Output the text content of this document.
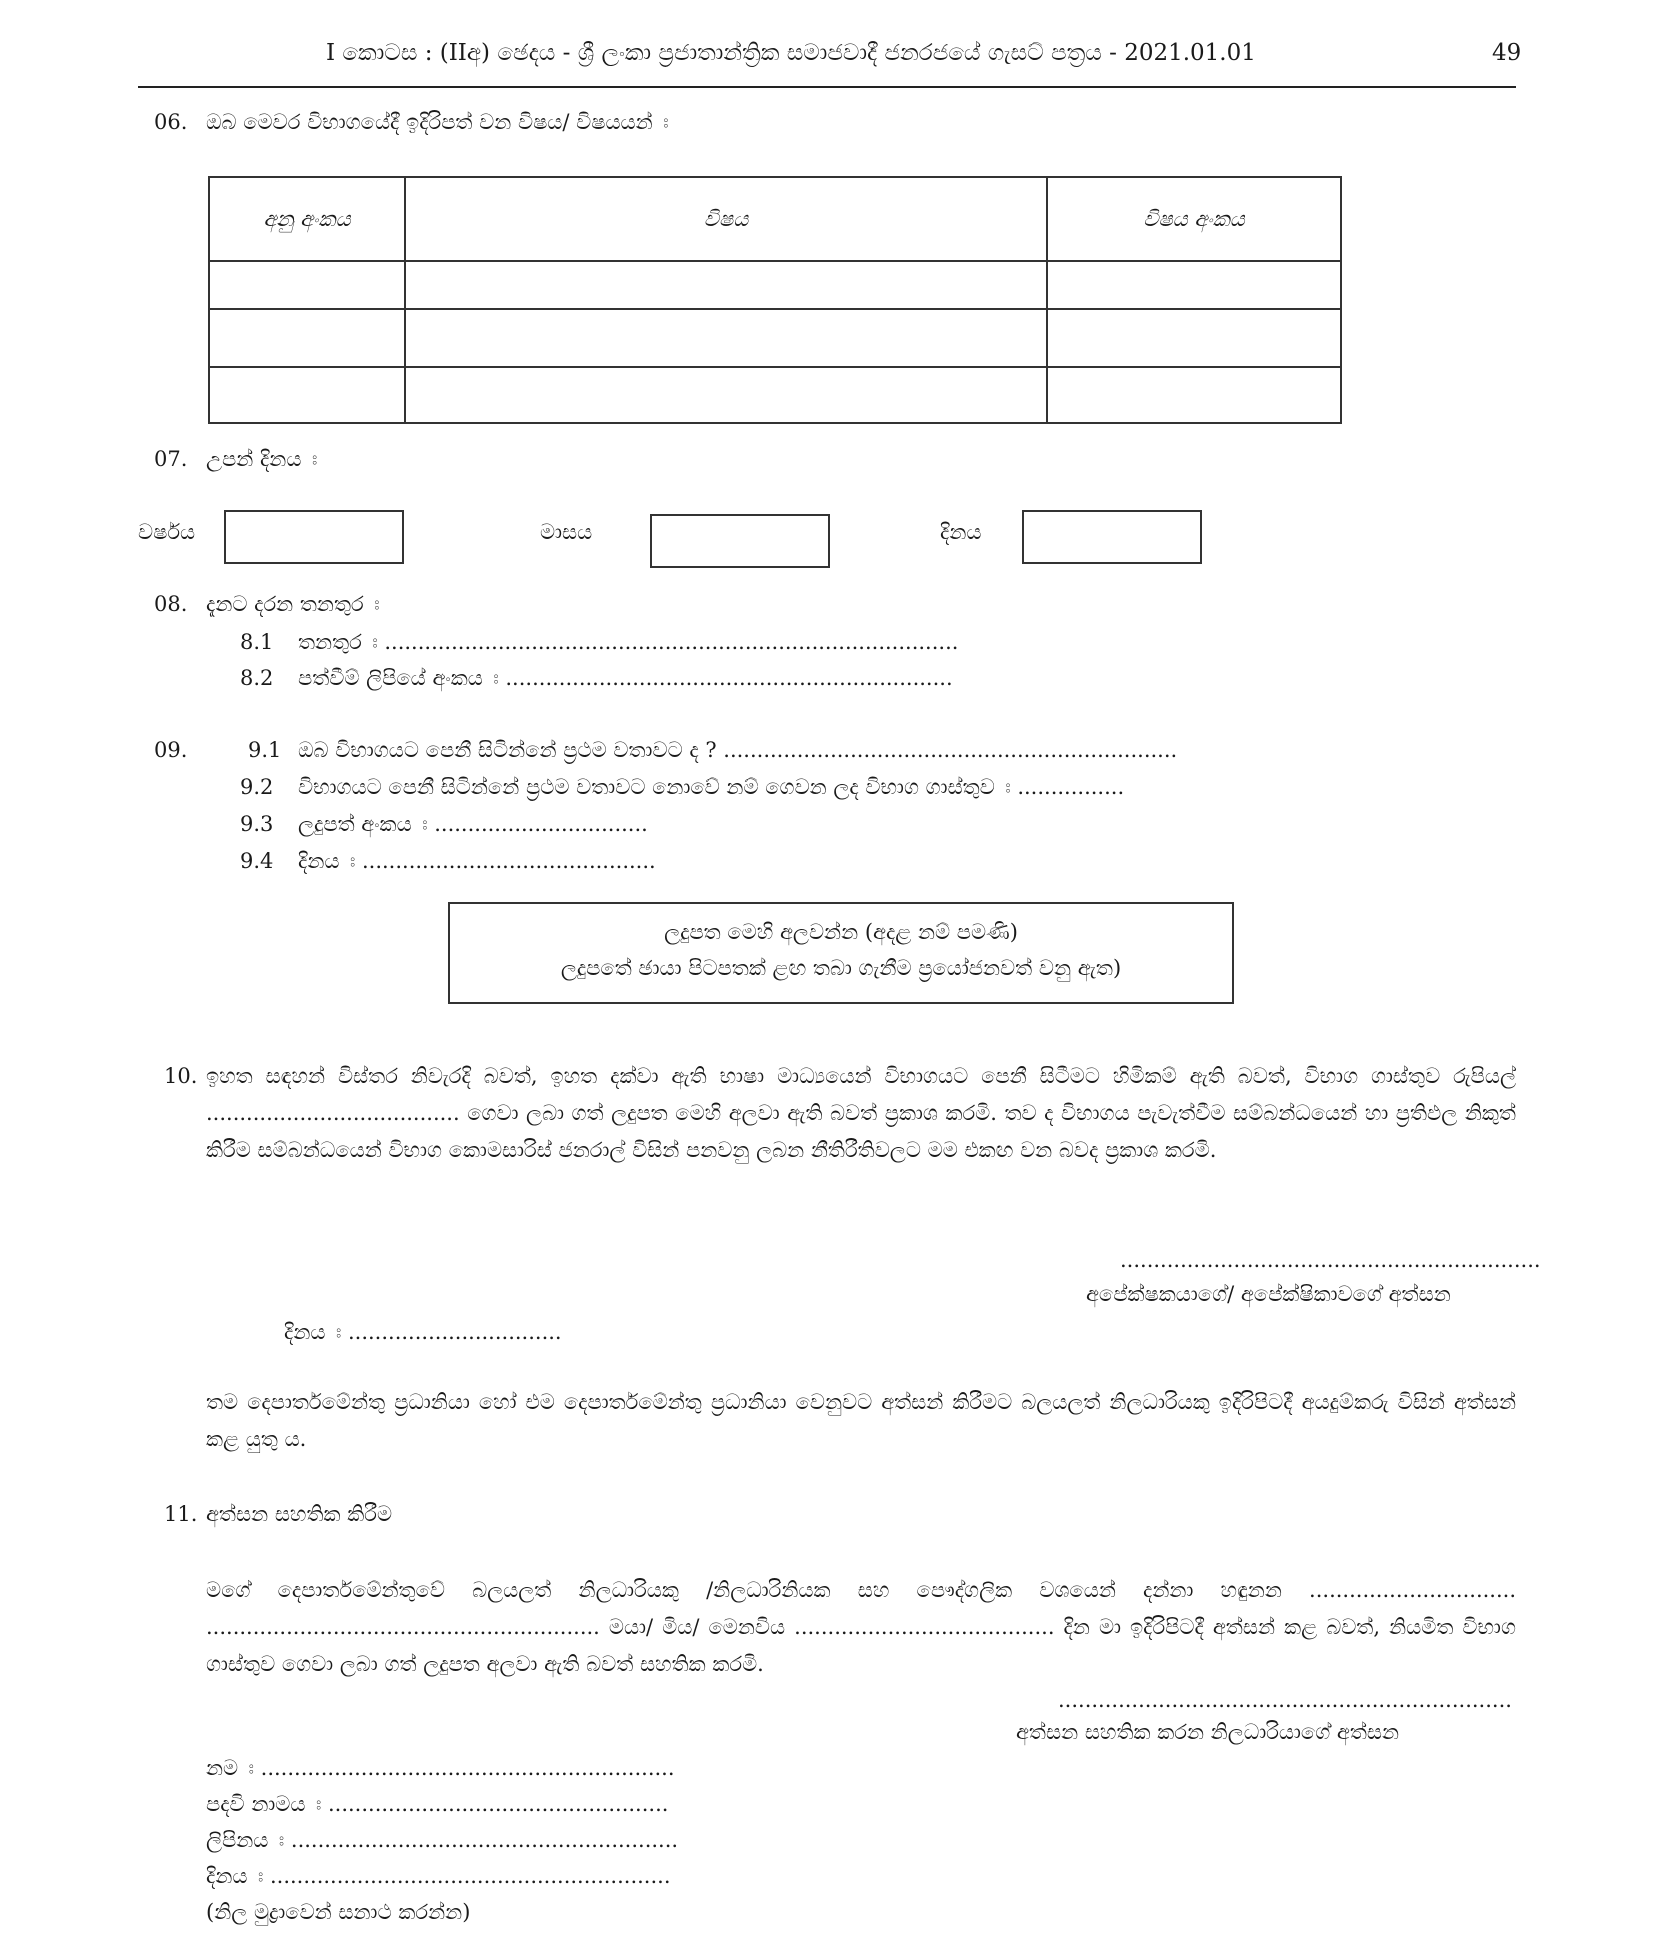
I කොටස : (IIඅ) ඡෙදය - ශ්‍රී ලංකා ප්‍රජාතාන්ත්‍රික සමාජවාදී ජනරජයේ ගැසට් පත්‍රය - 2021.01.01	49
06. ඔබ මෙවර විභාගයේදී ඉදිරිපත් වන විෂය/ විෂයයන් ඃ
අනු අංකය	විෂය	විෂය අංකය

07. උපන් දිනය ඃ
වර්ෂය	මාසය	දිනය
08. දැනට දරන තනතුර ඃ
8.1 තනතුර ඃ ......................................................................................
8.2 පත්වීම් ලිපියේ අංකය ඃ ...................................................................
09.	9.1 ඔබ විභාගයට පෙනී සිටින්නේ ප්‍රථම වතාවට ද ? ....................................................................
9.2 විභාගයට පෙනී සිටින්නේ ප්‍රථම වතාවට නොවේ නම් ගෙවන ලද විභාග ගාස්තුව ඃ ................
9.3 ලදුපත් අංකය ඃ ................................
9.4 දිනය ඃ ............................................
ලදුපත මෙහි අලවන්න (අදළ නම් පමණි)
ලදුපතේ ඡායා පිටපතක් ළඟ තබා ගැනීම ප්‍රයෝජනවත් වනු ඇත)
10. ඉහත සඳහන් විස්තර නිවැරදි බවත්, ඉහත දක්වා ඇති භාෂා මාධ්‍යයෙන් විභාගයට පෙනී සිටීමට හිමිකම් ඇති බවත්, විභාග ගාස්තුව රුපියල් ...................................... ගෙවා ලබා ගත් ලදුපත මෙහි අලවා ඇති බවත් ප්‍රකාශ කරමි. තව ද විභාගය පැවැත්වීම සම්බන්ධයෙන් හා ප්‍රතිඵල නිකුත් කිරීම සම්බන්ධයෙන් විභාග කොමසාරිස් ජනරාල් විසින් පනවනු ලබන නීතිරීතිවලට මම එකඟ වන බවද ප්‍රකාශ කරමි.
...............................................................
අපේක්ෂකයාගේ/ අපේක්ෂිකාවගේ අත්සන
දිනය ඃ ................................
තම දෙපාර්තමේන්තු ප්‍රධානියා හෝ එම දෙපාර්තමේන්තු ප්‍රධානියා වෙනුවට අත්සන් කිරීමට බලයලත් නිලධාරියකු ඉදිරිපිටදී අයදුම්කරු විසින් අත්සන් කළ යුතු ය.
11. අත්සන සහතික කිරීම
මගේ දෙපාර්තමේන්තුවේ බලයලත් නිලධාරියකු /නිලධාරිනියක සහ පෞද්ගලික වශයෙන් දන්නා හඳුනන ............................... ........................................................... මයා/ මිය/ මෙනවිය ....................................... දින මා ඉදිරිපිටදී අත්සන් කළ බවත්, නියමිත විභාග ගාස්තුව ගෙවා ලබා ගත් ලදුපත අලවා ඇති බවත් සහතික කරමි.
....................................................................
අත්සන සහතික කරන නිලධාරියාගේ අත්සන
නම ඃ ..............................................................
පදවි නාමය ඃ ...................................................
ලිපිනය ඃ ..........................................................
දිනය ඃ ............................................................
(නිල මුද්‍රාවෙන් සනාථ කරන්න)
